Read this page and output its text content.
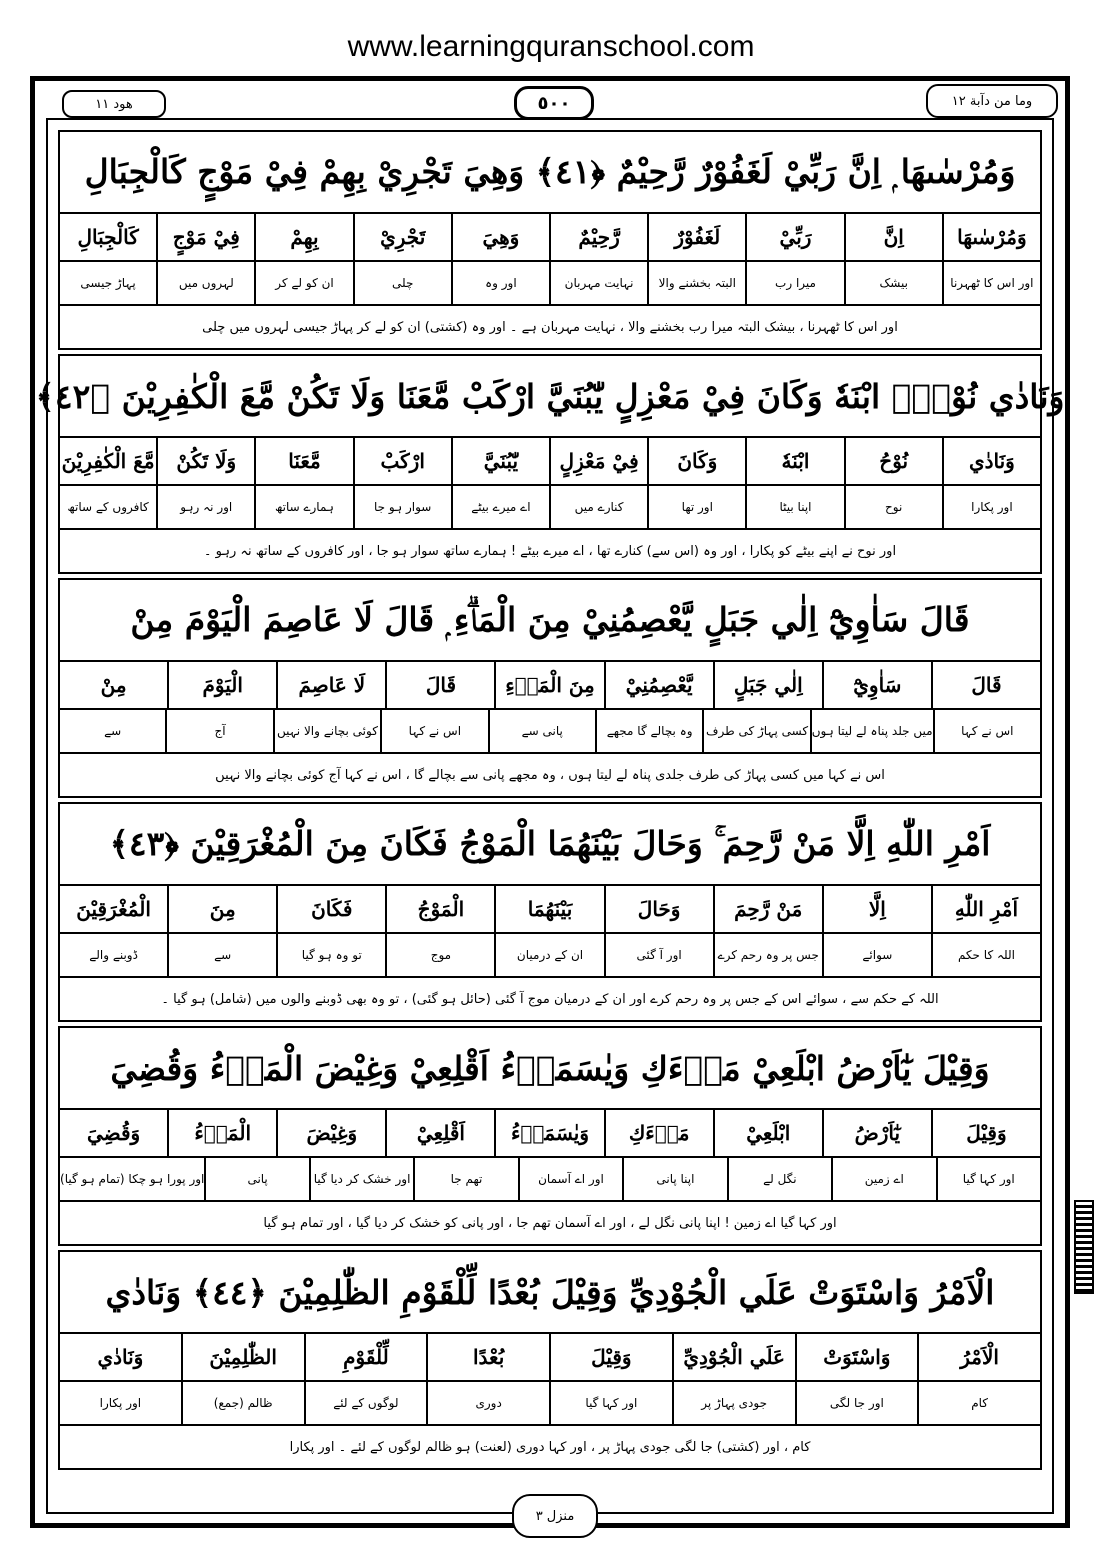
www.learningquranschool.com
وما من دآبة ١٢
٥٠٠
هود ١١
وَمُرْسٰىهَا ۭ اِنَّ رَبِّيْ لَغَفُوْرٌ رَّحِيْمٌ ﴿٤١﴾ وَهِيَ تَجْرِيْ بِهِمْ فِيْ مَوْجٍ كَالْجِبَالِ
وَمُرْسٰىهَا
اِنَّ
رَبِّيْ
لَغَفُوْرٌ
رَّحِيْمٌ
وَهِيَ
تَجْرِيْ
بِهِمْ
فِيْ مَوْجٍ
كَالْجِبَالِ
اور اس کا ٹھہرنا
بیشک
میرا رب
البتہ بخشنے والا
نہایت مہربان
اور وہ
چلی
ان کو لے کر
لہروں میں
پہاڑ جیسی
اور اس کا ٹھہرنا ، بیشک البتہ میرا رب بخشنے والا ، نہایت مہربان ہے ۔ اور وہ (کشتی) ان کو لے کر پہاڑ جیسی لہروں میں چلی
وَنَادٰي نُوْحُۨ ابْنَهٗ وَكَانَ فِيْ مَعْزِلٍ يّٰبُنَيَّ ارْكَبْ مَّعَنَا وَلَا تَكُنْ مَّعَ الْكٰفِرِيْنَ ﴿٤٢﴾
وَنَادٰي
نُوْحُ
ابْنَهٗ
وَكَانَ
فِيْ مَعْزِلٍ
يّٰبُنَيَّ
ارْكَبْ
مَّعَنَا
وَلَا تَكُنْ
مَّعَ الْكٰفِرِيْنَ
اور پکارا
نوح
اپنا بیٹا
اور تھا
کنارے میں
اے میرے بیٹے
سوار ہو جا
ہمارے ساتھ
اور نہ رہو
کافروں کے ساتھ
اور نوح نے اپنے بیٹے کو پکارا ، اور وہ (اس سے) کنارے تھا ، اے میرے بیٹے ! ہمارے ساتھ سوار ہو جا ، اور کافروں کے ساتھ نہ رہو ۔
قَالَ سَاٰوِيْٓ اِلٰي جَبَلٍ يَّعْصِمُنِيْ مِنَ الْمَاۗءِ ۭ قَالَ لَا عَاصِمَ الْيَوْمَ مِنْ
قَالَ
سَاٰوِيْٓ
اِلٰي جَبَلٍ
يَّعْصِمُنِيْ
مِنَ الْمَاۗءِ
قَالَ
لَا عَاصِمَ
الْيَوْمَ
مِنْ
اس نے کہا
میں جلد پناہ لے لیتا ہوں
کسی پہاڑ کی طرف
وہ بچالے گا مجھے
پانی سے
اس نے کہا
کوئی بچانے والا نہیں
آج
سے
اس نے کہا میں کسی پہاڑ کی طرف جلدی پناہ لے لیتا ہوں ، وہ مجھے پانی سے بچالے گا ، اس نے کہا آج کوئی بچانے والا نہیں
اَمْرِ اللّٰهِ اِلَّا مَنْ رَّحِمَ ۚ وَحَالَ بَيْنَهُمَا الْمَوْجُ فَكَانَ مِنَ الْمُغْرَقِيْنَ ﴿٤٣﴾
اَمْرِ اللّٰهِ
اِلَّا
مَنْ رَّحِمَ
وَحَالَ
بَيْنَهُمَا
الْمَوْجُ
فَكَانَ
مِنَ
الْمُغْرَقِيْنَ
اللہ کا حکم
سوائے
جس پر وہ رحم کرے
اور آ گئی
ان کے درمیان
موج
تو وہ ہو گیا
سے
ڈوبنے والے
اللہ کے حکم سے ، سوائے اس کے جس پر وہ رحم کرے اور ان کے درمیان موج آ گئی (حائل ہو گئی) ، تو وہ بھی ڈوبنے والوں میں (شامل) ہو گیا ۔
وَقِيْلَ يٰٓاَرْضُ ابْلَعِيْ مَاۗءَكِ وَيٰسَمَاۗءُ اَقْلِعِيْ وَغِيْضَ الْمَاۗءُ وَقُضِيَ
وَقِيْلَ
يٰٓاَرْضُ
ابْلَعِيْ
مَاۗءَكِ
وَيٰسَمَاۗءُ
اَقْلِعِيْ
وَغِيْضَ
الْمَاۗءُ
وَقُضِيَ
اور کہا گیا
اے زمین
نگل لے
اپنا پانی
اور اے آسمان
تھم جا
اور خشک کر دیا گیا
پانی
اور پورا ہو چکا (تمام ہو گیا)
اور کہا گیا اے زمین ! اپنا پانی نگل لے ، اور اے آسمان تھم جا ، اور پانی کو خشک کر دیا گیا ، اور تمام ہو گیا
الْاَمْرُ وَاسْتَوَتْ عَلَي الْجُوْدِيِّ وَقِيْلَ بُعْدًا لِّلْقَوْمِ الظّٰلِمِيْنَ ﴿٤٤﴾ وَنَادٰي
الْاَمْرُ
وَاسْتَوَتْ
عَلَي الْجُوْدِيِّ
وَقِيْلَ
بُعْدًا
لِّلْقَوْمِ
الظّٰلِمِيْنَ
وَنَادٰي
کام
اور جا لگی
جودی پہاڑ پر
اور کہا گیا
دوری
لوگوں کے لئے
ظالم (جمع)
اور پکارا
کام ، اور (کشتی) جا لگی جودی پہاڑ پر ، اور کہا دوری (لعنت) ہو ظالم لوگوں کے لئے ۔ اور پکارا
منزل ٣
